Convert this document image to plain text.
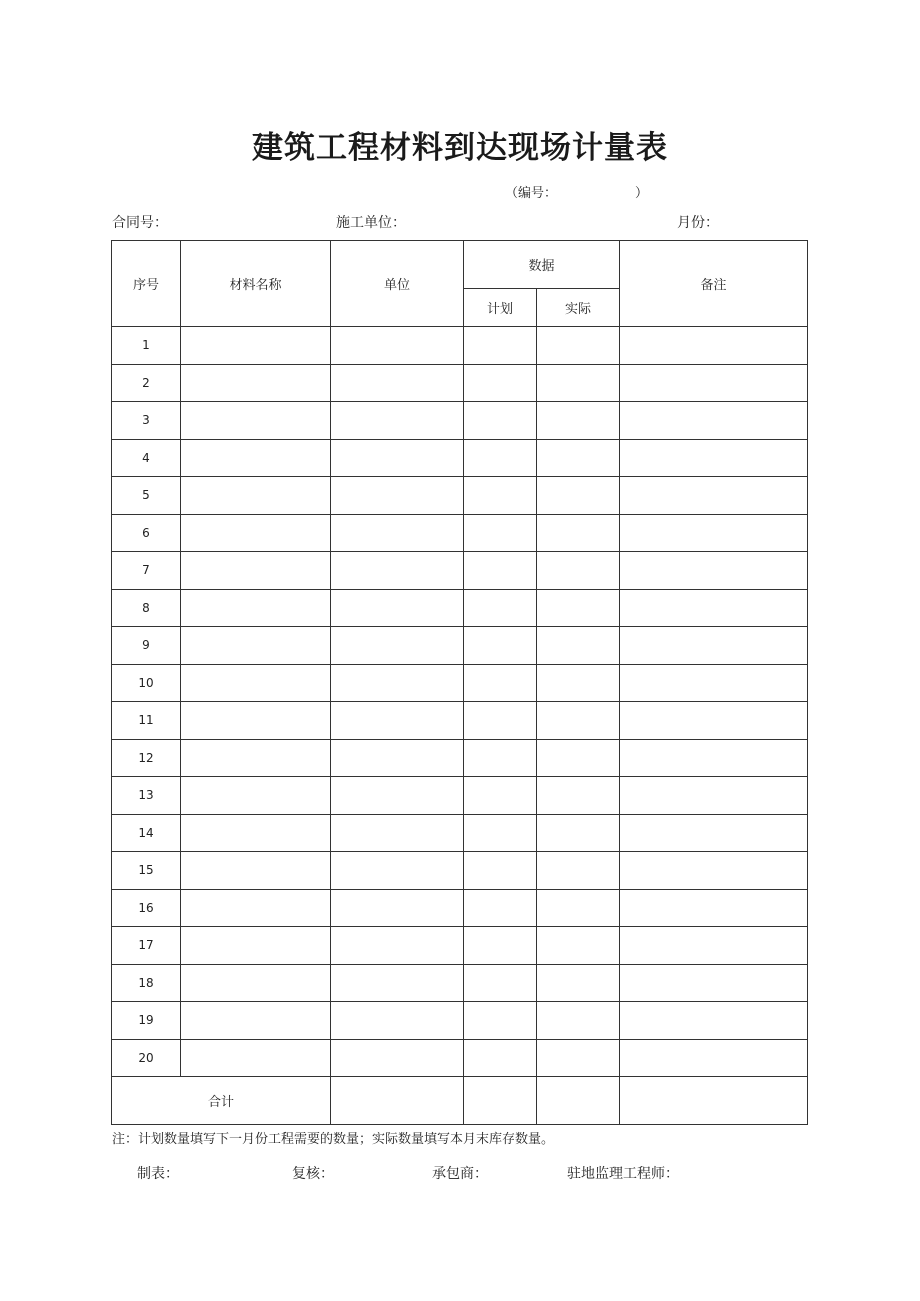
建筑工程材料到达现场计量表
（编号：	）
合同号：	施工单位：	月份：
序号	材料名称	单位	数据		备注
			计划	实际	
1					
2					
3					
4					
5					
6					
7					
8					
9					
10					
11					
12					
13					
14					
15					
16					
17					
18					
19					
20					
合计					
注：计划数量填写下一月份工程需要的数量；实际数量填写本月末库存数量。
制表：	复核：	承包商：	驻地监理工程师：
